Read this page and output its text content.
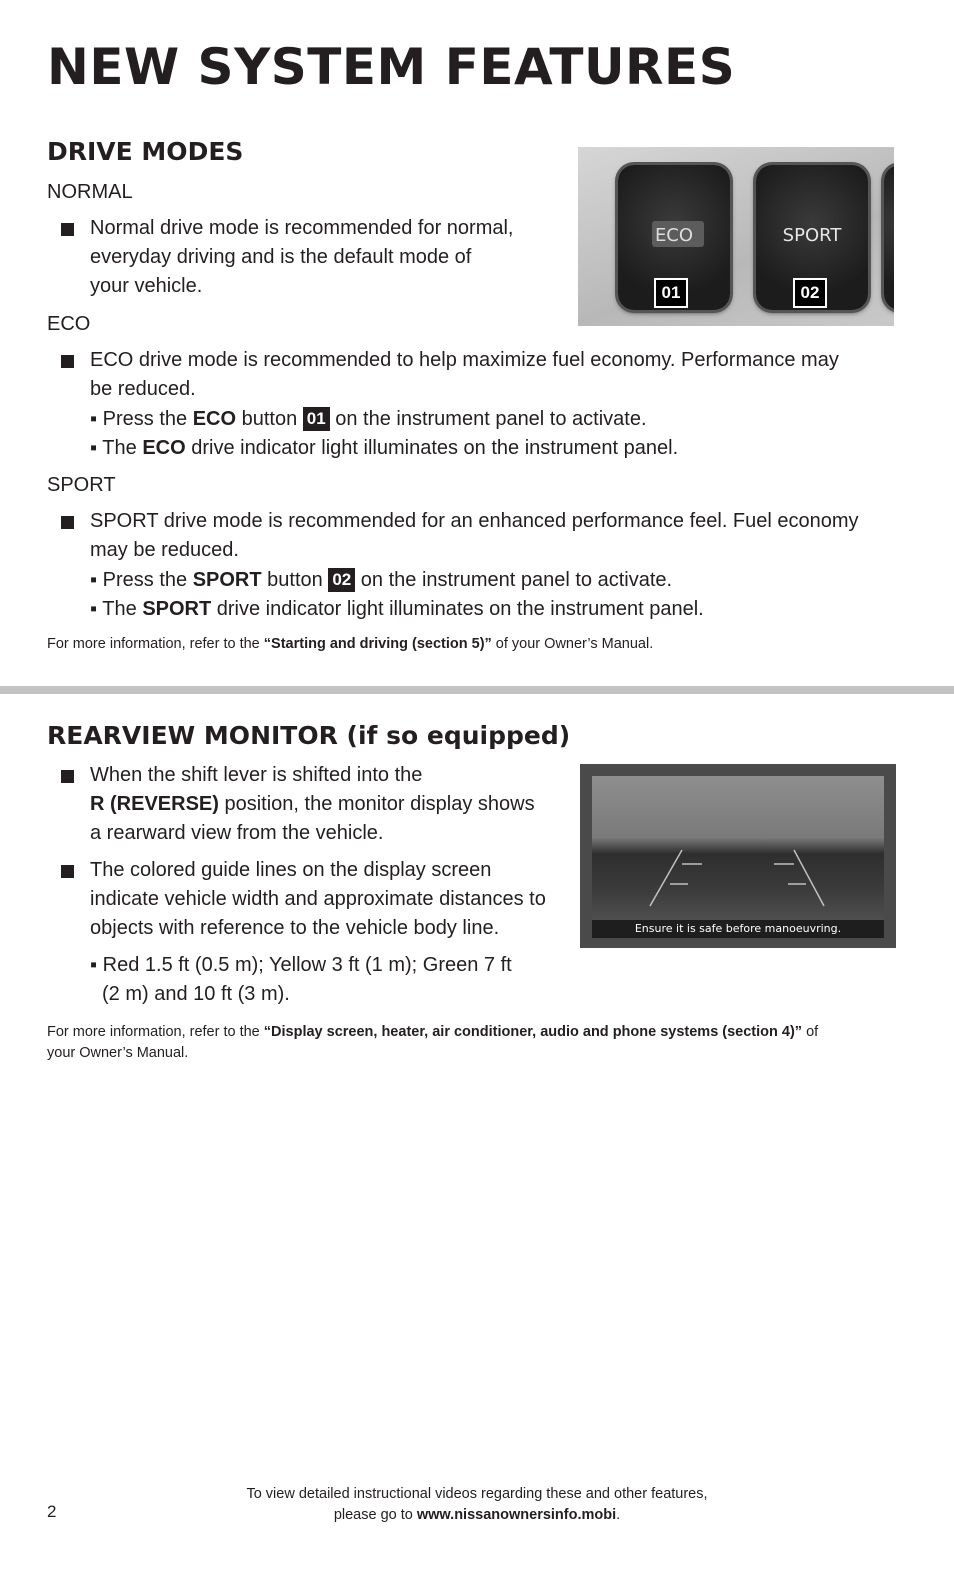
NEW SYSTEM FEATURES
DRIVE MODES
NORMAL
Normal drive mode is recommended for normal,
everyday driving and is the default mode of
your vehicle.
ECO
ECO drive mode is recommended to help maximize fuel economy. Performance may
be reduced.
▪ Press the ECO button 01 on the instrument panel to activate.
▪ The ECO drive indicator light illuminates on the instrument panel.
SPORT
SPORT drive mode is recommended for an enhanced performance feel. Fuel economy
may be reduced.
▪ Press the SPORT button 02 on the instrument panel to activate.
▪ The SPORT drive indicator light illuminates on the instrument panel.
For more information, refer to the “Starting and driving (section 5)” of your Owner’s Manual.
ECO	SPORT
01	02
REARVIEW MONITOR (if so equipped)
When the shift lever is shifted into the
R (REVERSE) position, the monitor display shows
a rearward view from the vehicle.
The colored guide lines on the display screen
indicate vehicle width and approximate distances to
objects with reference to the vehicle body line.
▪ Red 1.5 ft (0.5 m); Yellow 3 ft (1 m); Green 7 ft
(2 m) and 10 ft (3 m).
For more information, refer to the “Display screen, heater, air conditioner, audio and phone systems (section 4)” of
your Owner’s Manual.
Ensure it is safe before manoeuvring.
To view detailed instructional videos regarding these and other features,
please go to www.nissanownersinfo.mobi.
2
